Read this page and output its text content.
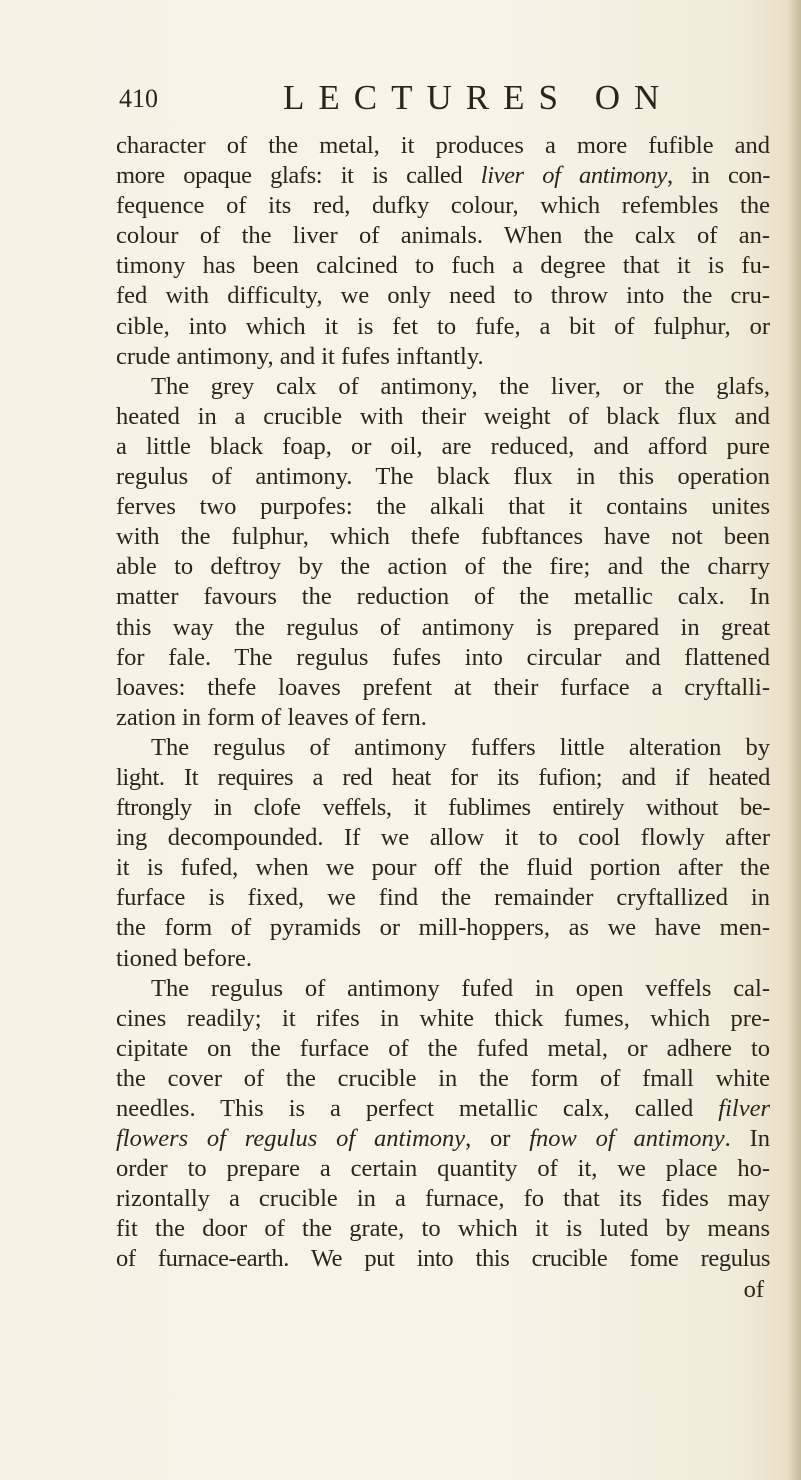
410	LECTURES ON
character of the metal, it produces a more fufible and
more opaque glafs: it is called liver of antimony, in con-
fequence of its red, dufky colour, which refembles the
colour of the liver of animals. When the calx of an-
timony has been calcined to fuch a degree that it is fu-
fed with difficulty, we only need to throw into the cru-
cible, into which it is fet to fufe, a bit of fulphur, or
crude antimony, and it fufes inftantly.
The grey calx of antimony, the liver, or the glafs,
heated in a crucible with their weight of black flux and
a little black foap, or oil, are reduced, and afford pure
regulus of antimony. The black flux in this operation
ferves two purpofes: the alkali that it contains unites
with the fulphur, which thefe fubftances have not been
able to deftroy by the action of the fire; and the charry
matter favours the reduction of the metallic calx. In
this way the regulus of antimony is prepared in great
for fale. The regulus fufes into circular and flattened
loaves: thefe loaves prefent at their furface a cryftalli-
zation in form of leaves of fern.
The regulus of antimony fuffers little alteration by
light. It requires a red heat for its fufion; and if heated
ftrongly in clofe veffels, it fublimes entirely without be-
ing decompounded. If we allow it to cool flowly after
it is fufed, when we pour off the fluid portion after the
furface is fixed, we find the remainder cryftallized in
the form of pyramids or mill-hoppers, as we have men-
tioned before.
The regulus of antimony fufed in open veffels cal-
cines readily; it rifes in white thick fumes, which pre-
cipitate on the furface of the fufed metal, or adhere to
the cover of the crucible in the form of fmall white
needles. This is a perfect metallic calx, called filver
flowers of regulus of antimony, or fnow of antimony. In
order to prepare a certain quantity of it, we place ho-
rizontally a crucible in a furnace, fo that its fides may
fit the door of the grate, to which it is luted by means
of furnace-earth. We put into this crucible fome regulus
of
